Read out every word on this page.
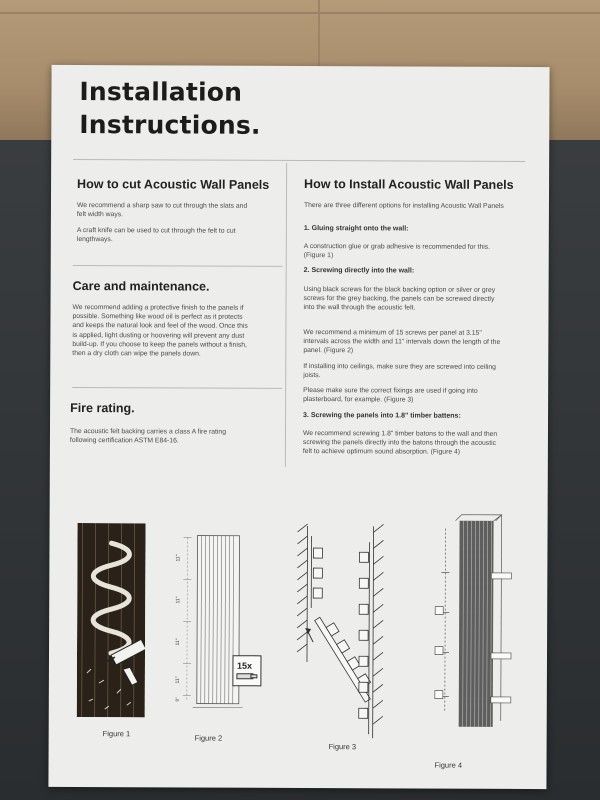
Installation
Instructions.
How to cut Acoustic Wall Panels

We recommend a sharp saw to cut through the slats and felt width ways.

A craft knife can be used to cut through the felt to cut lengthways.

Care and maintenance.

We recommend adding a protective finish to the panels if possible. Something like wood oil is perfect as it protects and keeps the natural look and feel of the wood. Once this is applied, light dusting or hoovering will prevent any dust build-up. If you choose to keep the panels without a finish, then a dry cloth can wipe the panels down.

Fire rating.

The acoustic felt backing carries a class A fire rating following certification ASTM E84-16.

How to Install Acoustic Wall Panels

There are three different options for installing Acoustic Wall Panels

1. Gluing straight onto the wall:

A construction glue or grab adhesive is recommended for this. (Figure 1)

2. Screwing directly into the wall:

Using black screws for the black backing option or silver or grey screws for the grey backing, the panels can be screwed directly into the wall through the acoustic felt.

We recommend a minimum of 15 screws per panel at 3.15" intervals across the width and 11" intervals down the length of the panel. (Figure 2)

If installing into ceilings, make sure they are screwed into ceiling joists.

Please make sure the correct fixings are used if going into plasterboard, for example. (Figure 3)

3. Screwing the panels into 1.8" timber battens:

We recommend screwing 1.8" timber batons to the wall and then screwing the panels directly into the batons through the acoustic felt to achieve optimum sound absorption. (Figure 4)

Figure 1
11"
11"
11"
11"
8"
15x
Figure 2
Figure 3
Figure 4
